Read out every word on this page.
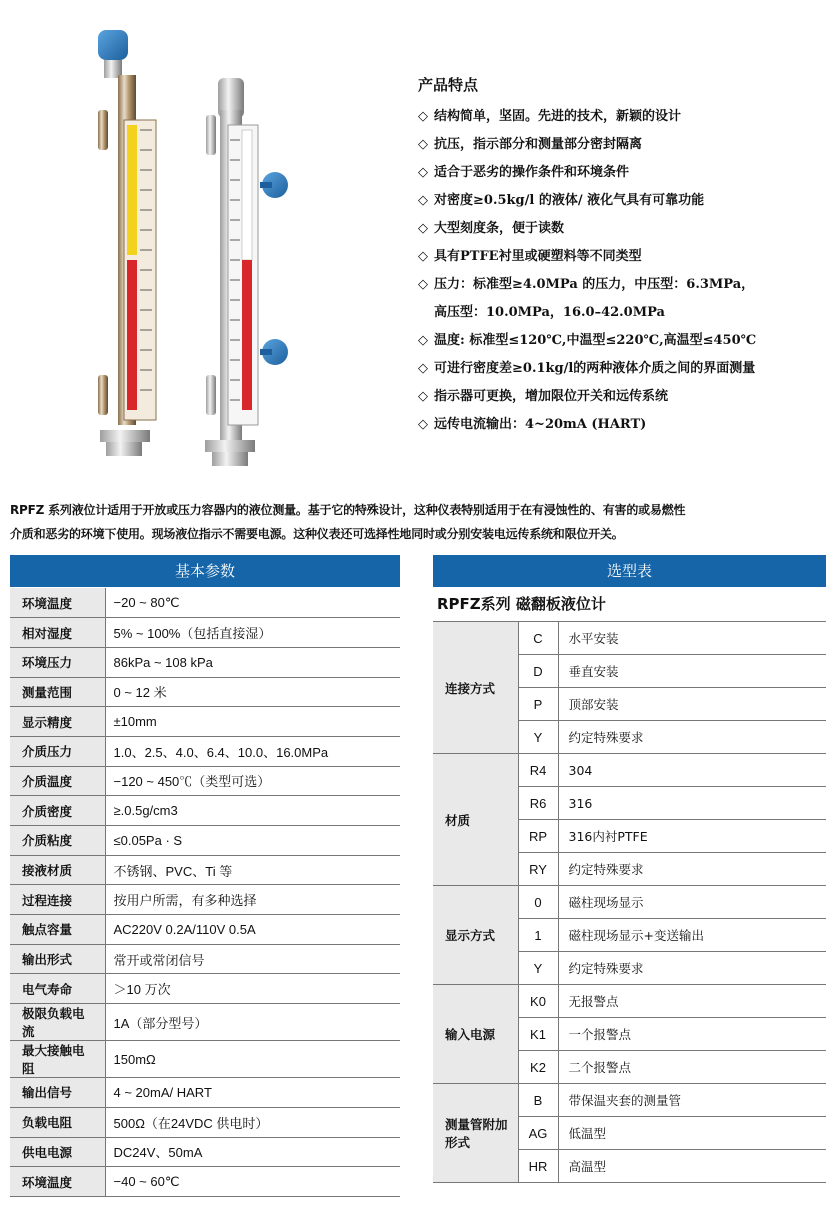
产品特点
◇ 结构简单，坚固。先进的技术，新颖的设计
◇ 抗压，指示部分和测量部分密封隔离
◇ 适合于恶劣的操作条件和环境条件
◇ 对密度≥0.5kg/l 的液体/ 液化气具有可靠功能
◇ 大型刻度条，便于读数
◇ 具有PTFE衬里或硬塑料等不同类型
◇ 压力：标准型≥4.0MPa 的压力，中压型：6.3MPa，
高压型：10.0MPa，16.0–42.0MPa
◇ 温度: 标准型≤120℃,中温型≤220℃,高温型≤450℃
◇ 可进行密度差≥0.1kg/l的两种液体介质之间的界面测量
◇ 指示器可更换，增加限位开关和远传系统
◇ 远传电流输出：4~20mA (HART)
RPFZ 系列液位计适用于开放或压力容器内的液位测量。基于它的特殊设计，这种仪表特别适用于在有浸蚀性的、有害的或易燃性
介质和恶劣的环境下使用。现场液位指示不需要电源。这种仪表还可选择性地同时或分别安装电远传系统和限位开关。
基本参数
环境温度	−20 ~ 80℃
相对湿度	5% ~ 100%（包括直接湿）
环境压力	86kPa ~ 108 kPa
测量范围	0 ~ 12 米
显示精度	±10mm
介质压力	1.0、2.5、4.0、6.4、10.0、16.0MPa
介质温度	−120 ~ 450℃（类型可选）
介质密度	≥.0.5g/cm3
介质粘度	≤0.05Pa · S
接液材质	不锈钢、PVC、Ti 等
过程连接	按用户所需，有多种选择
触点容量	AC220V 0.2A/110V 0.5A
输出形式	常开或常闭信号
电气寿命	＞10 万次
极限负载电流	1A（部分型号）
最大接触电阻	150mΩ
输出信号	4 ~ 20mA/ HART
负载电阻	500Ω（在24VDC 供电时）
供电电源	DC24V、50mA
环境温度	−40 ~ 60℃
选型表
RPFZ系列 磁翻板液位计
连接方式	C	水平安装
	D	垂直安装
	P	顶部安装
	Y	约定特殊要求
材质	R4	304
	R6	316
	RP	316内衬PTFE
	RY	约定特殊要求
显示方式	0	磁柱现场显示
	1	磁柱现场显示+变送输出
	Y	约定特殊要求
输入电源	K0	无报警点
	K1	一个报警点
	K2	二个报警点
测量管附加形式	B	带保温夹套的测量管
	AG	低温型
	HR	高温型
